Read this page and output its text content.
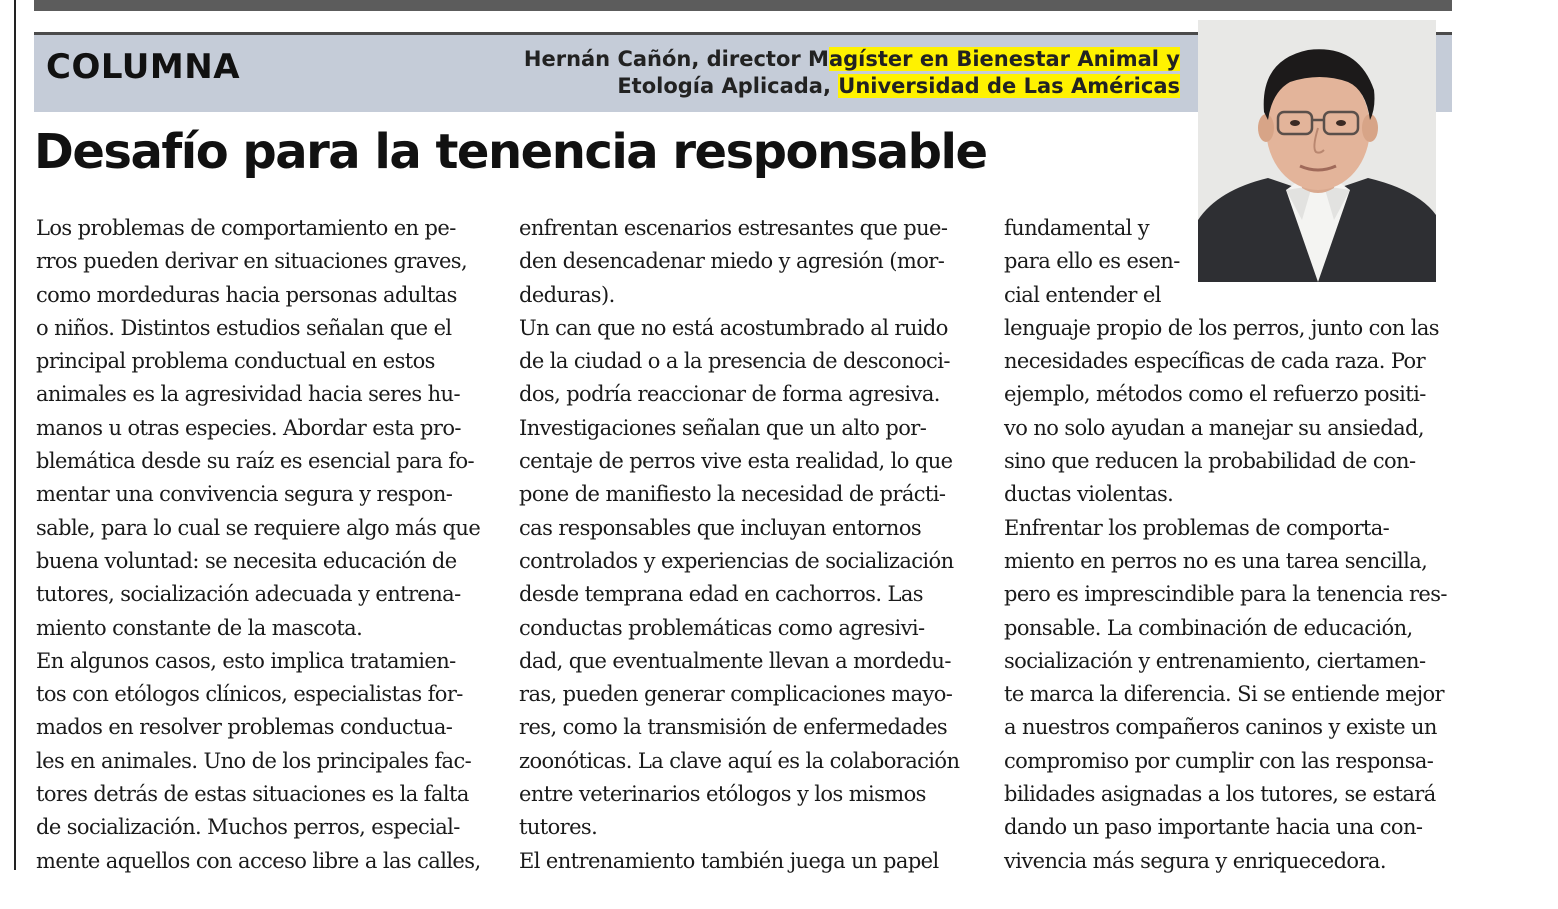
COLUMNA	Hernán Cañón, director Magíster en Bienestar Animal y
Etología Aplicada, Universidad de Las Américas
Desafío para la tenencia responsable

Los problemas de comportamiento en pe-
rros pueden derivar en situaciones graves,
como mordeduras hacia personas adultas
o niños. Distintos estudios señalan que el
principal problema conductual en estos
animales es la agresividad hacia seres hu-
manos u otras especies. Abordar esta pro-
blemática desde su raíz es esencial para fo-
mentar una convivencia segura y respon-
sable, para lo cual se requiere algo más que
buena voluntad: se necesita educación de
tutores, socialización adecuada y entrena-
miento constante de la mascota.

En algunos casos, esto implica tratamien-
tos con etólogos clínicos, especialistas for-
mados en resolver problemas conductua-
les en animales. Uno de los principales fac-
tores detrás de estas situaciones es la falta
de socialización. Muchos perros, especial-
mente aquellos con acceso libre a las calles,

enfrentan escenarios estresantes que pue-
den desencadenar miedo y agresión (mor-
deduras).

Un can que no está acostumbrado al ruido
de la ciudad o a la presencia de desconoci-
dos, podría reaccionar de forma agresiva.

Investigaciones señalan que un alto por-
centaje de perros vive esta realidad, lo que
pone de manifiesto la necesidad de prácti-
cas responsables que incluyan entornos
controlados y experiencias de socialización
desde temprana edad en cachorros. Las
conductas problemáticas como agresivi-
dad, que eventualmente llevan a mordedu-
ras, pueden generar complicaciones mayo-
res, como la transmisión de enfermedades
zoonóticas. La clave aquí es la colaboración
entre veterinarios etólogos y los mismos
tutores.

El entrenamiento también juega un papel

fundamental y
para ello es esen-
cial entender el
lenguaje propio de los perros, junto con las
necesidades específicas de cada raza. Por
ejemplo, métodos como el refuerzo positi-
vo no solo ayudan a manejar su ansiedad,
sino que reducen la probabilidad de con-
ductas violentas.

Enfrentar los problemas de comporta-
miento en perros no es una tarea sencilla,
pero es imprescindible para la tenencia res-
ponsable. La combinación de educación,
socialización y entrenamiento, ciertamen-
te marca la diferencia. Si se entiende mejor
a nuestros compañeros caninos y existe un
compromiso por cumplir con las responsa-
bilidades asignadas a los tutores, se estará
dando un paso importante hacia una con-
vivencia más segura y enriquecedora.
